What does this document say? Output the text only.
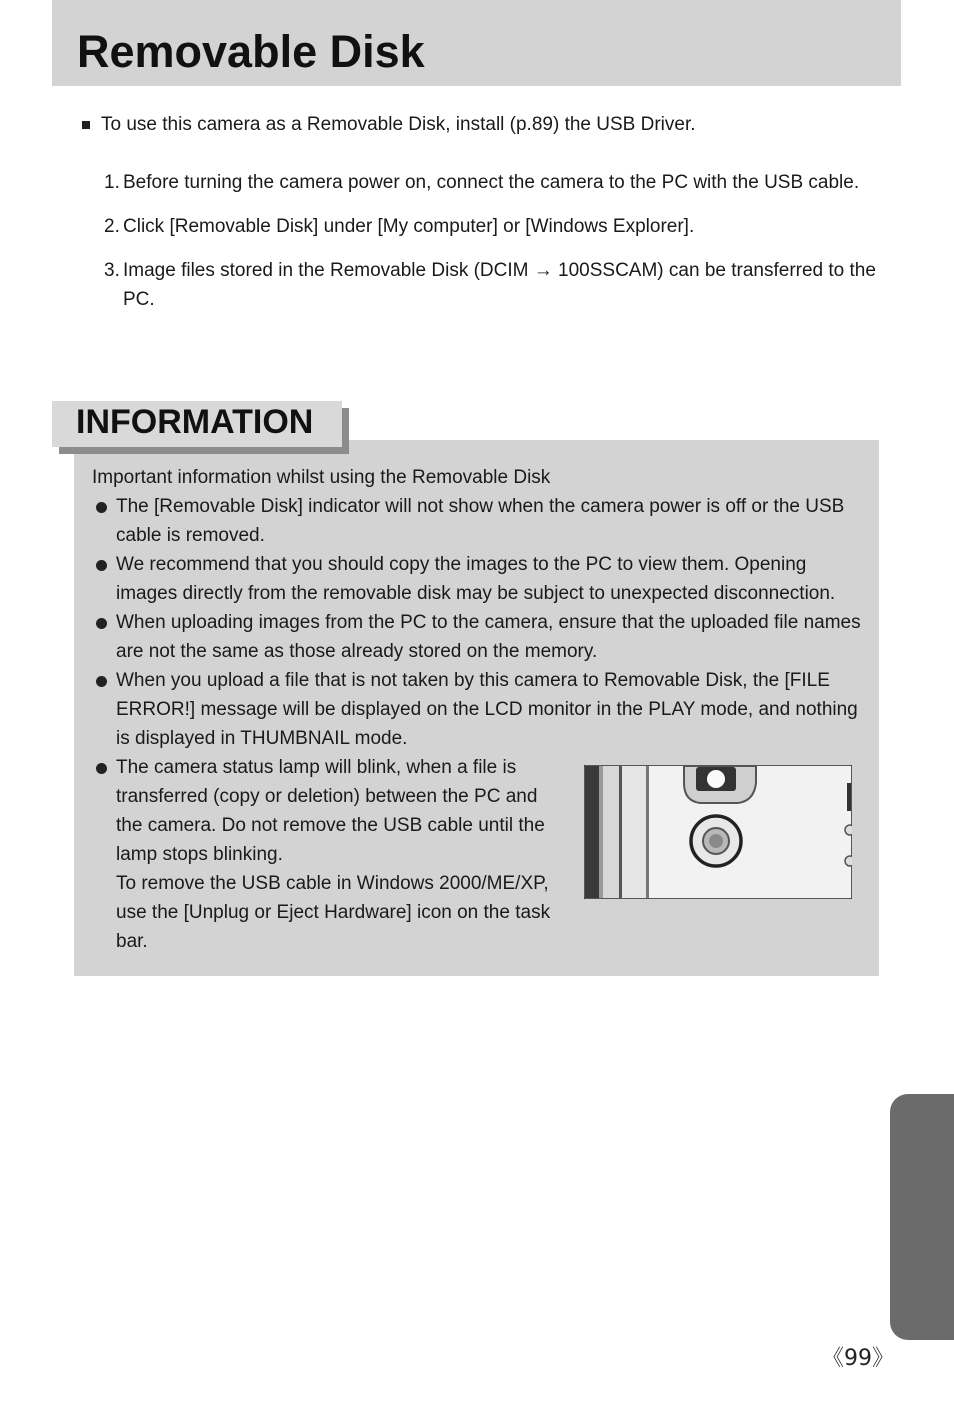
Removable Disk
To use this camera as a Removable Disk, install (p.89) the USB Driver.
1. Before turning the camera power on, connect the camera to the PC with the USB cable.
2. Click [Removable Disk] under [My computer] or [Windows Explorer].
3. Image files stored in the Removable Disk (DCIM → 100SSCAM) can be transferred to the PC.
INFORMATION

Important information whilst using the Removable Disk

The [Removable Disk] indicator will not show when the camera power is off or the USB cable is removed.
We recommend that you should copy the images to the PC to view them. Opening images directly from the removable disk may be subject to unexpected disconnection.
When uploading images from the PC to the camera, ensure that the uploaded file names are not the same as those already stored on the memory.
When you upload a file that is not taken by this camera to Removable Disk, the [FILE ERROR!] message will be displayed on the LCD monitor in the PLAY mode, and nothing is displayed in THUMBNAIL mode.
The camera status lamp will blink, when a file is transferred (copy or deletion) between the PC and the camera. Do not remove the USB cable until the lamp stops blinking.
To remove the USB cable in Windows 2000/ME/XP, use the [Unplug or Eject Hardware] icon on the task bar.
《99》
